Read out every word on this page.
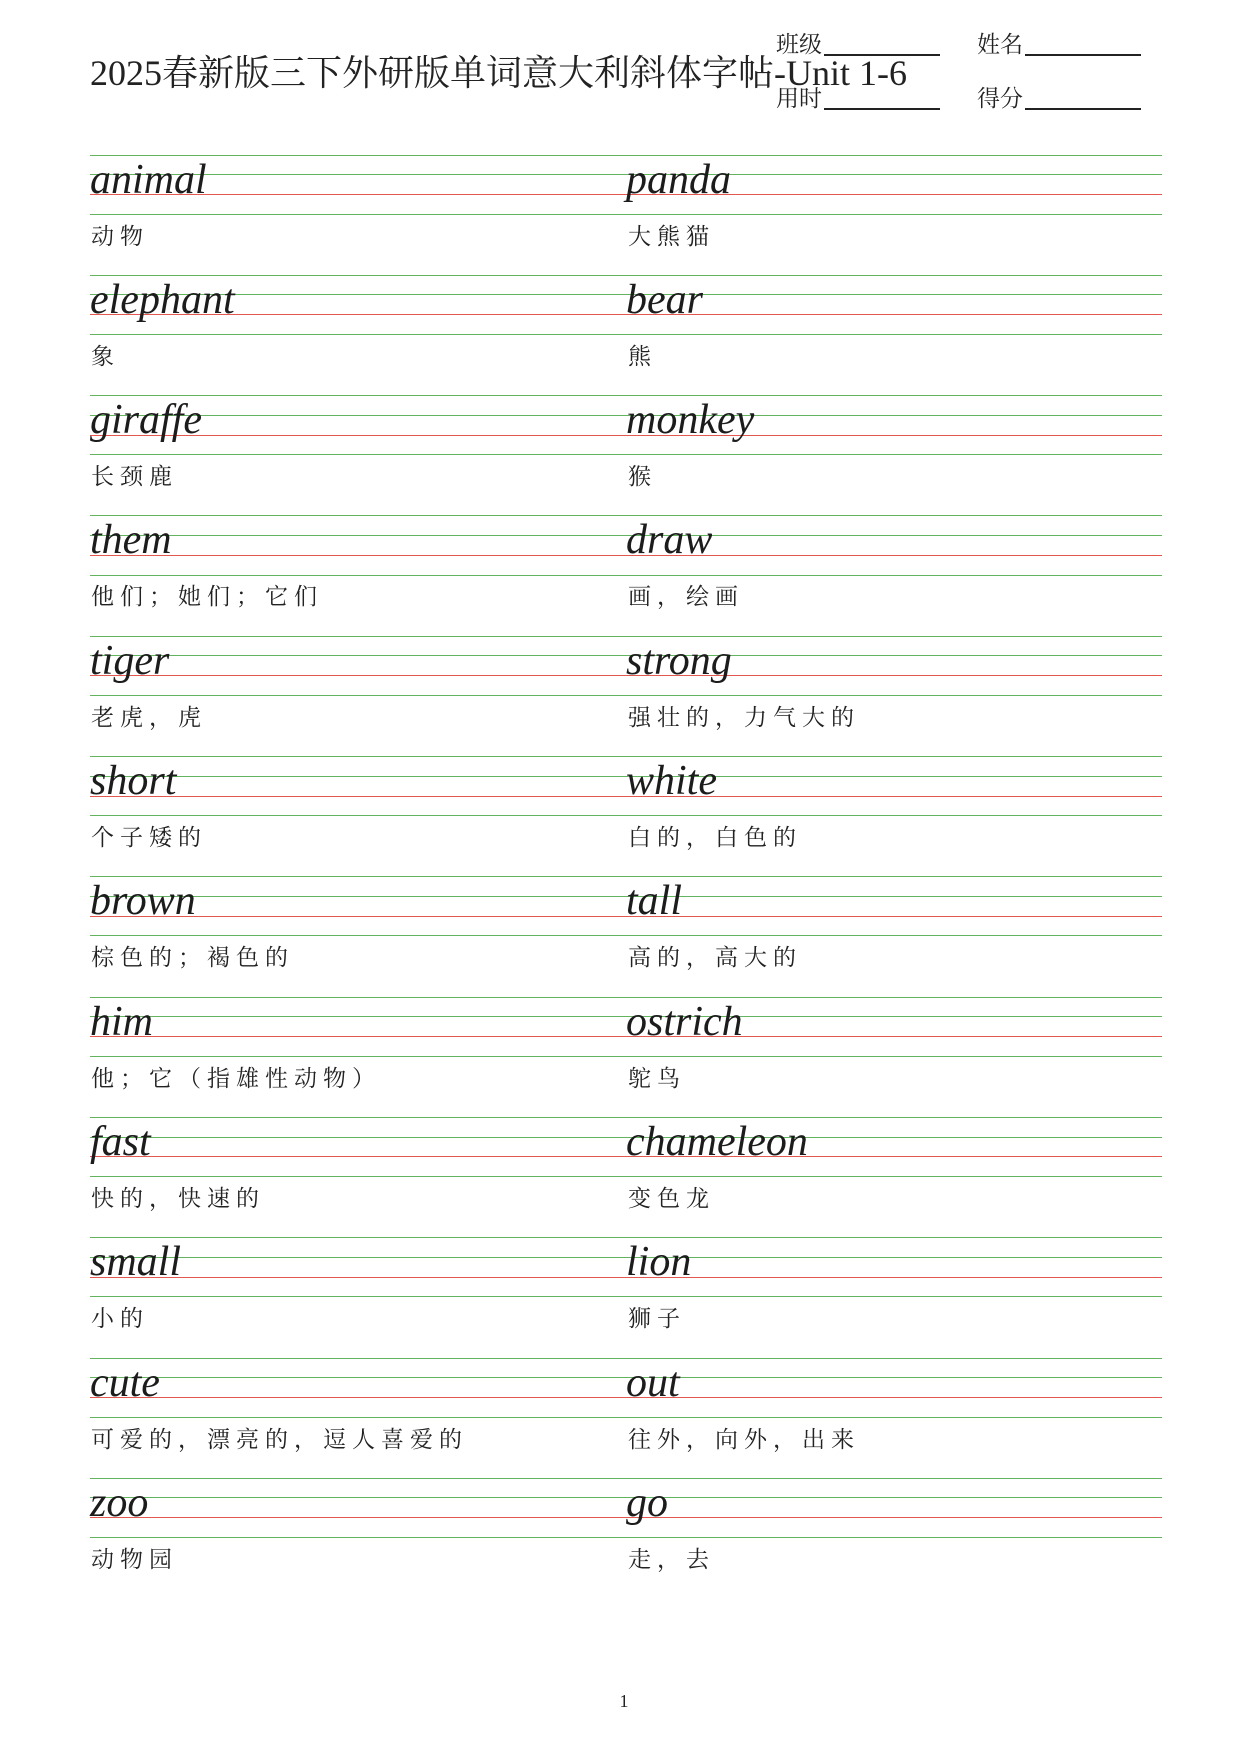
2025春新版三下外研版单词意大利斜体字帖-Unit 1-6
班级	姓名
用时	得分
animal
动物
panda
大熊猫
elephant
象
bear
熊
giraffe
长颈鹿
monkey
猴
them
他们；她们；它们
draw
画，绘画
tiger
老虎，虎
strong
强壮的，力气大的
short
个子矮的
white
白的，白色的
brown
棕色的；褐色的
tall
高的，高大的
him
他；它（指雄性动物）
ostrich
鸵鸟
fast
快的，快速的
chameleon
变色龙
small
小的
lion
狮子
cute
可爱的，漂亮的，逗人喜爱的
out
往外，向外，出来
zoo
动物园
go
走，去
1
